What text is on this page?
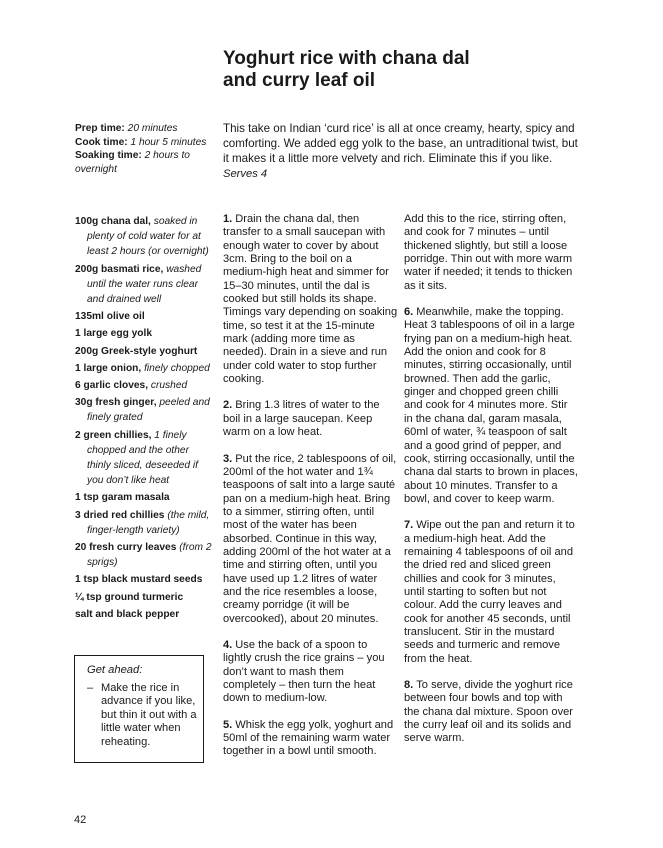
Yoghurt rice with chana dal
and curry leaf oil
Prep time: 20 minutes
Cook time: 1 hour 5 minutes
Soaking time: 2 hours to overnight

This take on Indian ‘curd rice’ is all at once creamy, hearty, spicy and comforting. We added egg yolk to the base, an untraditional twist, but it makes it a little more velvety and rich. Eliminate this if you like.

Serves 4

100g chana dal, soaked in plenty of cold water for at least 2 hours (or overnight)
200g basmati rice, washed until the water runs clear and drained well
135ml olive oil
1 large egg yolk
200g Greek-style yoghurt
1 large onion, finely chopped
6 garlic cloves, crushed
30g fresh ginger, peeled and finely grated
2 green chillies, 1 finely chopped and the other thinly sliced, deseeded if you don’t like heat
1 tsp garam masala
3 dried red chillies (the mild, finger-length variety)
20 fresh curry leaves (from 2 sprigs)
1 tsp black mustard seeds
¼ tsp ground turmeric
salt and black pepper

1. Drain the chana dal, then transfer to a small saucepan with enough water to cover by about 3cm. Bring to the boil on a medium-high heat and simmer for 15–30 minutes, until the dal is cooked but still holds its shape. Timings vary depending on soaking time, so test it at the 15-minute mark (adding more time as needed). Drain in a sieve and run under cold water to stop further cooking.

2. Bring 1.3 litres of water to the boil in a large saucepan. Keep warm on a low heat.

3. Put the rice, 2 tablespoons of oil, 200ml of the hot water and 1¾ teaspoons of salt into a large sauté pan on a medium-high heat. Bring to a simmer, stirring often, until most of the water has been absorbed. Continue in this way, adding 200ml of the hot water at a time and stirring often, until you have used up 1.2 litres of water and the rice resembles a loose, creamy porridge (it will be overcooked), about 20 minutes.

4. Use the back of a spoon to lightly crush the rice grains – you don’t want to mash them completely – then turn the heat down to medium-low.

5. Whisk the egg yolk, yoghurt and 50ml of the remaining warm water together in a bowl until smooth.

Add this to the rice, stirring often, and cook for 7 minutes – until thickened slightly, but still a loose porridge. Thin out with more warm water if needed; it tends to thicken as it sits.

6. Meanwhile, make the topping. Heat 3 tablespoons of oil in a large frying pan on a medium-high heat. Add the onion and cook for 8 minutes, stirring occasionally, until browned. Then add the garlic, ginger and chopped green chilli and cook for 4 minutes more. Stir in the chana dal, garam masala, 60ml of water, ¾ teaspoon of salt and a good grind of pepper, and cook, stirring occasionally, until the chana dal starts to brown in places, about 10 minutes. Transfer to a bowl, and cover to keep warm.

7. Wipe out the pan and return it to a medium-high heat. Add the remaining 4 tablespoons of oil and the dried red and sliced green chillies and cook for 3 minutes, until starting to soften but not colour. Add the curry leaves and cook for another 45 seconds, until translucent. Stir in the mustard seeds and turmeric and remove from the heat.

8. To serve, divide the yoghurt rice between four bowls and top with the chana dal mixture. Spoon over the curry leaf oil and its solids and serve warm.

Get ahead:
– Make the rice in advance if you like, but thin it out with a little water when reheating.
42
